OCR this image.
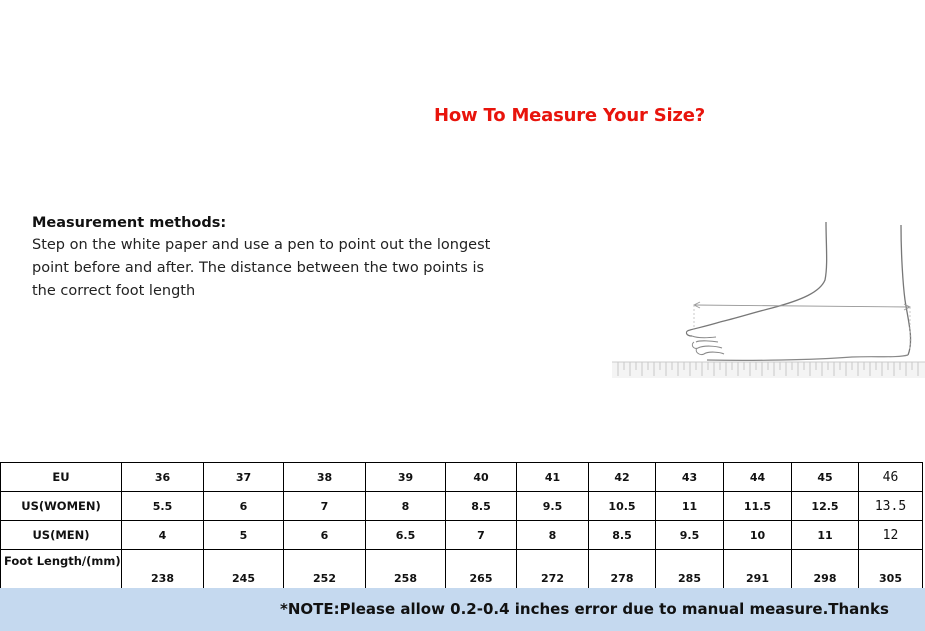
How To Measure Your Size?
Measurement methods:
Step on the white paper and use a pen to point out the longest point before and after. The distance between the two points is the correct foot length
EU	36	37	38	39	40	41	42	43	44	45	46
US(WOMEN)	5.5	6	7	8	8.5	9.5	10.5	11	11.5	12.5	13.5
US(MEN)	4	5	6	6.5	7	8	8.5	9.5	10	11	12
Foot Length/(mm)	238	245	252	258	265	272	278	285	291	298	305
*NOTE:Please allow 0.2-0.4 inches error due to manual measure.Thanks
